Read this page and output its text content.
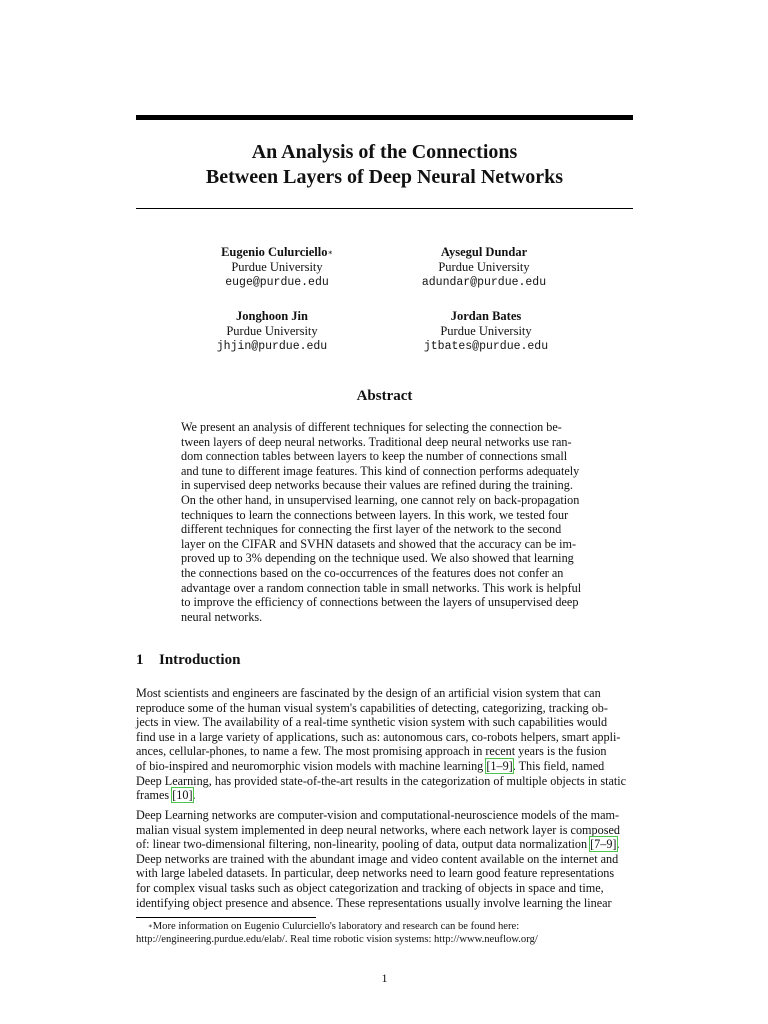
An Analysis of the Connections
Between Layers of Deep Neural Networks
Eugenio Culurciello∗
Purdue University
euge@purdue.edu
Aysegul Dundar
Purdue University
adundar@purdue.edu
Jonghoon Jin
Purdue University
jhjin@purdue.edu
Jordan Bates
Purdue University
jtbates@purdue.edu
Abstract
We present an analysis of different techniques for selecting the connection be-
tween layers of deep neural networks. Traditional deep neural networks use ran-
dom connection tables between layers to keep the number of connections small
and tune to different image features. This kind of connection performs adequately
in supervised deep networks because their values are refined during the training.
On the other hand, in unsupervised learning, one cannot rely on back-propagation
techniques to learn the connections between layers. In this work, we tested four
different techniques for connecting the first layer of the network to the second
layer on the CIFAR and SVHN datasets and showed that the accuracy can be im-
proved up to 3% depending on the technique used. We also showed that learning
the connections based on the co-occurrences of the features does not confer an
advantage over a random connection table in small networks. This work is helpful
to improve the efficiency of connections between the layers of unsupervised deep
neural networks.
1 Introduction
Most scientists and engineers are fascinated by the design of an artificial vision system that can
reproduce some of the human visual system's capabilities of detecting, categorizing, tracking ob-
jects in view. The availability of a real-time synthetic vision system with such capabilities would
find use in a large variety of applications, such as: autonomous cars, co-robots helpers, smart appli-
ances, cellular-phones, to name a few. The most promising approach in recent years is the fusion
of bio-inspired and neuromorphic vision models with machine learning [1–9]. This field, named
Deep Learning, has provided state-of-the-art results in the categorization of multiple objects in static
frames [10].
Deep Learning networks are computer-vision and computational-neuroscience models of the mam-
malian visual system implemented in deep neural networks, where each network layer is composed
of: linear two-dimensional filtering, non-linearity, pooling of data, output data normalization [7–9].
Deep networks are trained with the abundant image and video content available on the internet and
with large labeled datasets. In particular, deep networks need to learn good feature representations
for complex visual tasks such as object categorization and tracking of objects in space and time,
identifying object presence and absence. These representations usually involve learning the linear
∗More information on Eugenio Culurciello's laboratory and research can be found here:
http://engineering.purdue.edu/elab/. Real time robotic vision systems: http://www.neuflow.org/
1
